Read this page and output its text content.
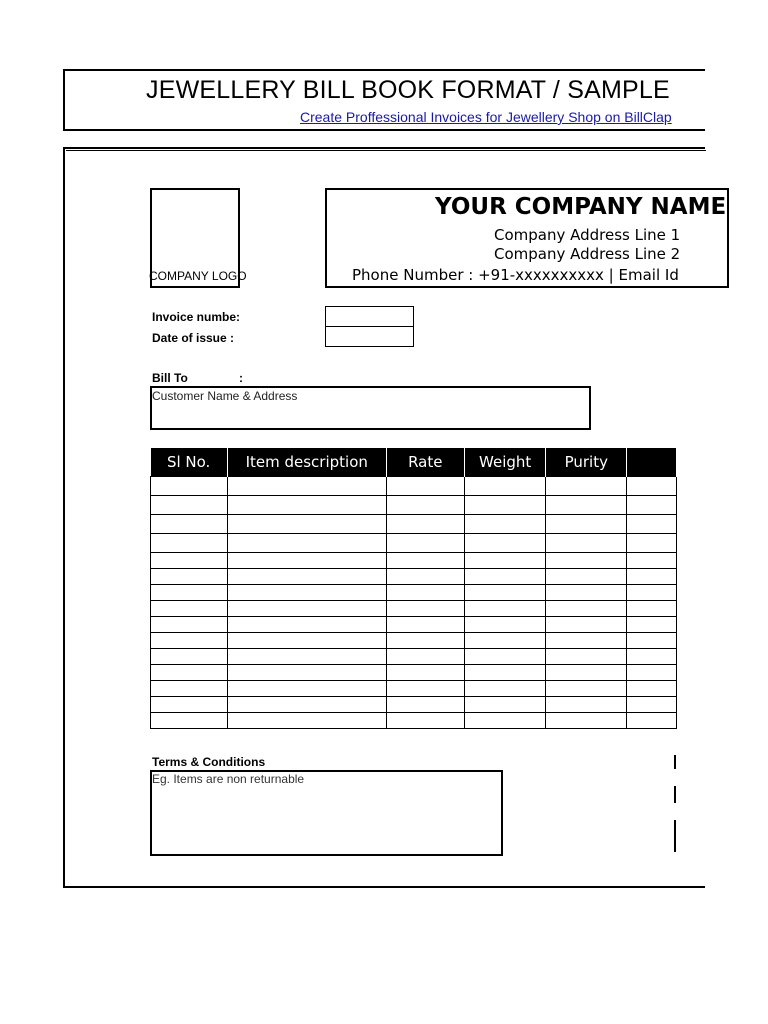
JEWELLERY BILL BOOK FORMAT / SAMPLE
Create Proffessional Invoices for Jewellery Shop on BillClap
COMPANY LOGO
YOUR COMPANY NAME
Company Address Line 1
Company Address Line 2
Phone Number : +91-xxxxxxxxxx | Email Id
Invoice numbe:
Date of issue :
Bill To	:
Customer Name & Address
Sl No.	Item description	Rate	Weight	Purity	

Terms & Conditions
Eg. Items are non returnable
